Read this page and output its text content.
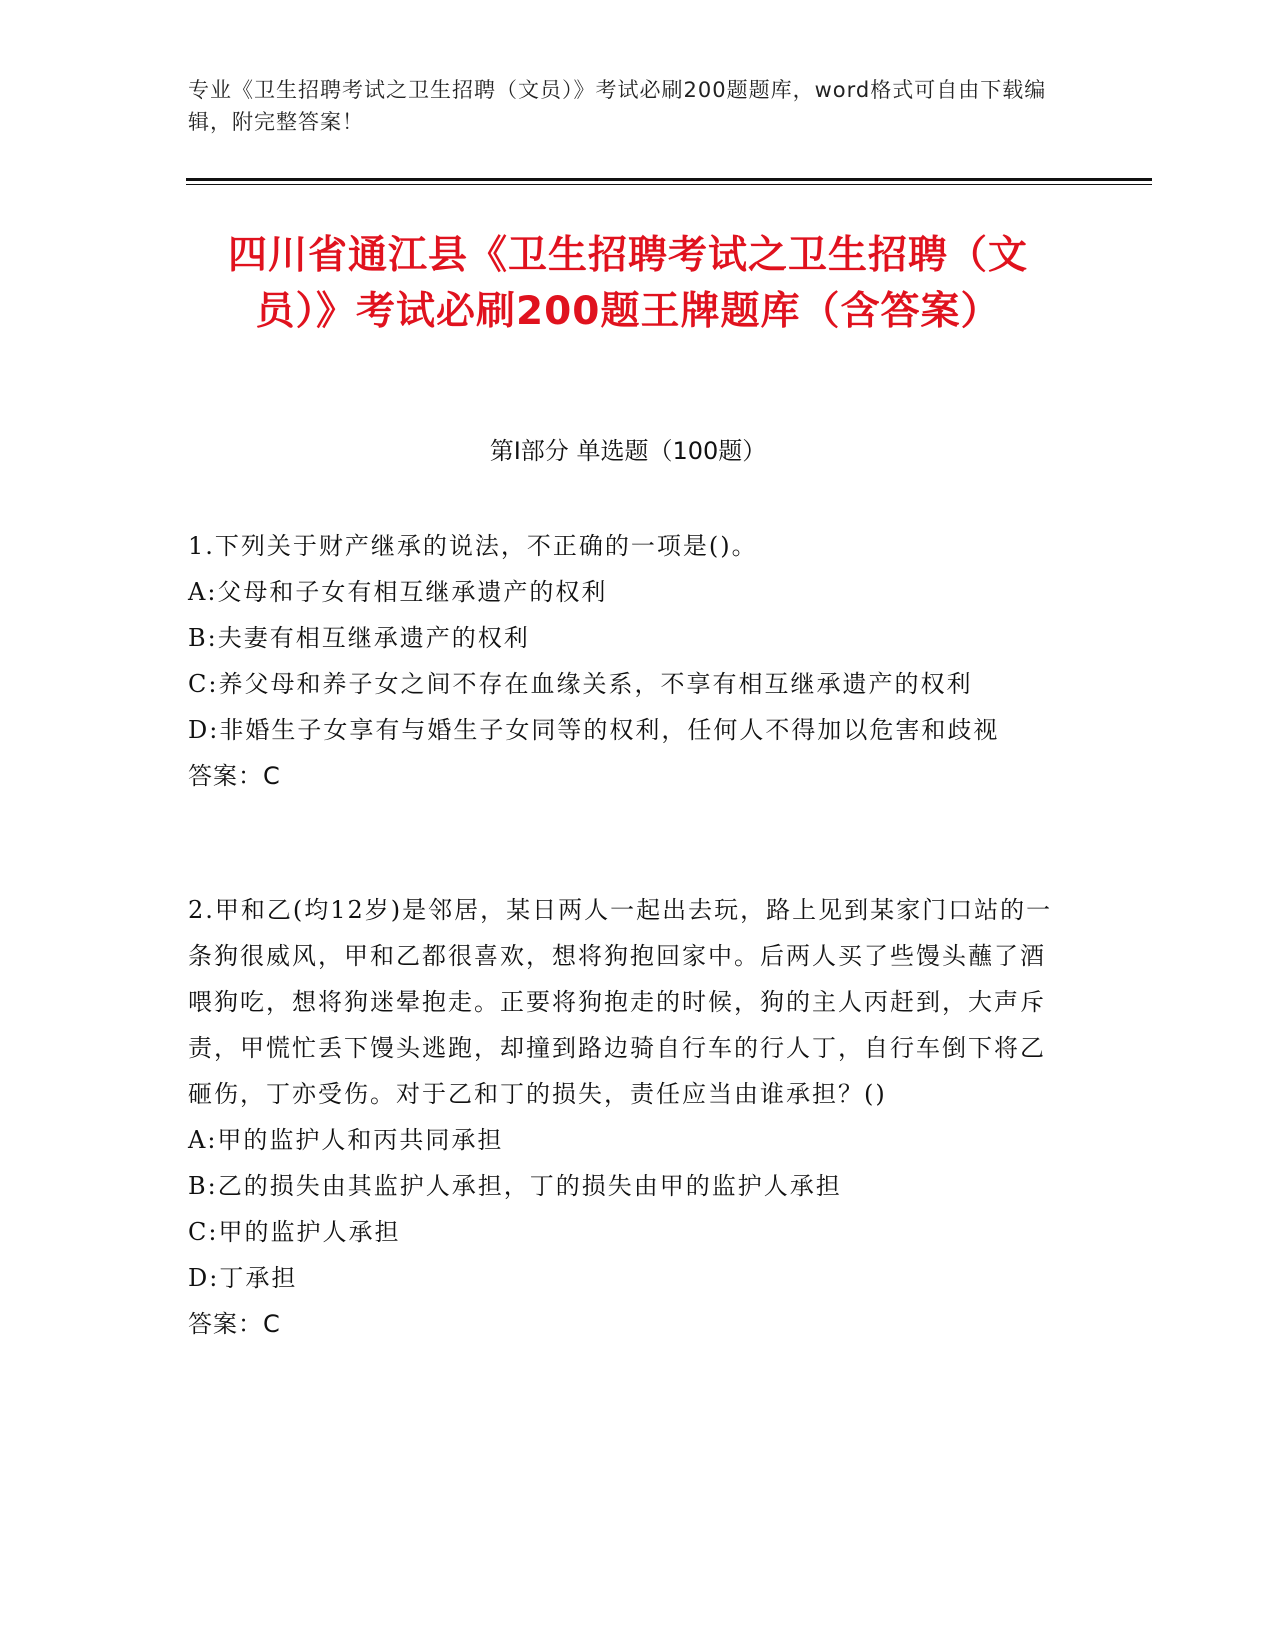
专业《卫生招聘考试之卫生招聘（文员）》考试必刷200题题库，word格式可自由下载编辑，附完整答案！
四川省通江县《卫生招聘考试之卫生招聘（文员）》考试必刷200题王牌题库（含答案）
第Ⅰ部分 单选题（100题）

1.下列关于财产继承的说法，不正确的一项是()。

A:父母和子女有相互继承遗产的权利

B:夫妻有相互继承遗产的权利

C:养父母和养子女之间不存在血缘关系，不享有相互继承遗产的权利

D:非婚生子女享有与婚生子女同等的权利，任何人不得加以危害和歧视

答案：C

2.甲和乙(均12岁)是邻居，某日两人一起出去玩，路上见到某家门口站的一条狗很威风，甲和乙都很喜欢，想将狗抱回家中。后两人买了些馒头蘸了酒喂狗吃，想将狗迷晕抱走。正要将狗抱走的时候，狗的主人丙赶到，大声斥责，甲慌忙丢下馒头逃跑，却撞到路边骑自行车的行人丁，自行车倒下将乙砸伤，丁亦受伤。对于乙和丁的损失，责任应当由谁承担？()

A:甲的监护人和丙共同承担

B:乙的损失由其监护人承担，丁的损失由甲的监护人承担

C:甲的监护人承担

D:丁承担

答案：C
